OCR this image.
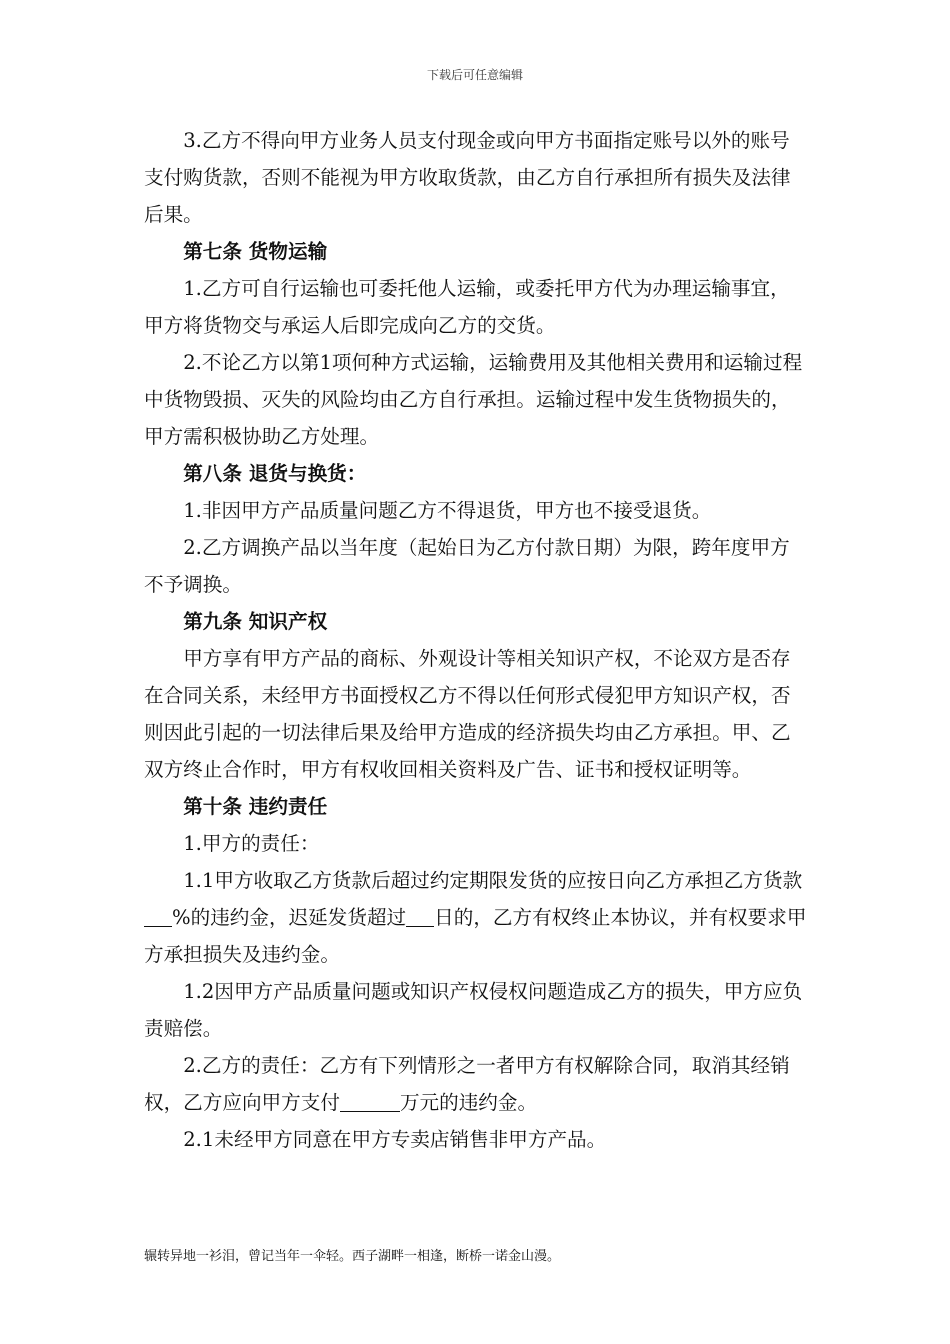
下载后可任意编辑

3.乙方不得向甲方业务人员支付现金或向甲方书面指定账号以外的账号支付购货款，否则不能视为甲方收取货款，由乙方自行承担所有损失及法律后果。

第七条 货物运输

1.乙方可自行运输也可委托他人运输，或委托甲方代为办理运输事宜，甲方将货物交与承运人后即完成向乙方的交货。

2.不论乙方以第1项何种方式运输，运输费用及其他相关费用和运输过程中货物毁损、灭失的风险均由乙方自行承担。运输过程中发生货物损失的，甲方需积极协助乙方处理。

第八条 退货与换货：

1.非因甲方产品质量问题乙方不得退货，甲方也不接受退货。

2.乙方调换产品以当年度（起始日为乙方付款日期）为限，跨年度甲方不予调换。

第九条 知识产权

甲方享有甲方产品的商标、外观设计等相关知识产权，不论双方是否存在合同关系，未经甲方书面授权乙方不得以任何形式侵犯甲方知识产权，否则因此引起的一切法律后果及给甲方造成的经济损失均由乙方承担。甲、乙双方终止合作时，甲方有权收回相关资料及广告、证书和授权证明等。

第十条 违约责任

1.甲方的责任：

1.1甲方收取乙方货款后超过约定期限发货的应按日向乙方承担乙方货款%的违约金，迟延发货超过 日的，乙方有权终止本协议，并有权要求甲方承担损失及违约金。

1.2因甲方产品质量问题或知识产权侵权问题造成乙方的损失，甲方应负责赔偿。

2.乙方的责任：乙方有下列情形之一者甲方有权解除合同，取消其经销权，乙方应向甲方支付	万元的违约金。

2.1未经甲方同意在甲方专卖店销售非甲方产品。

辗转异地一衫泪，曾记当年一伞轻。西子湖畔一相逢，断桥一诺金山漫。
